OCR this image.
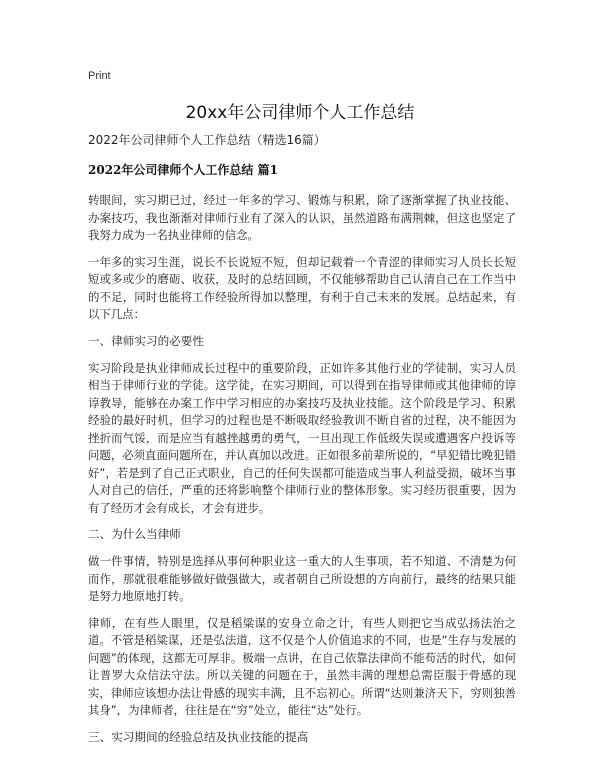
Print
20xx年公司律师个人工作总结
2022年公司律师个人工作总结（精选16篇）
2022年公司律师个人工作总结 篇1

转眼间，实习期已过，经过一年多的学习、锻炼与积累，除了逐渐掌握了执业技能、办案技巧，我也渐渐对律师行业有了深入的认识，虽然道路布满荆棘，但这也坚定了我努力成为一名执业律师的信念。

一年多的实习生涯，说长不长说短不短，但却记载着一个青涩的律师实习人员长长短短或多或少的磨砺、收获，及时的总结回顾，不仅能够帮助自己认清自己在工作当中的不足，同时也能将工作经验所得加以整理，有利于自己未来的发展。总结起来，有以下几点：

一、律师实习的必要性

实习阶段是执业律师成长过程中的重要阶段，正如许多其他行业的学徒制，实习人员相当于律师行业的学徒。这学徒，在实习期间，可以得到在指导律师或其他律师的谆谆教导，能够在办案工作中学习相应的办案技巧及执业技能。这个阶段是学习、积累经验的最好时机，但学习的过程也是不断吸取经验教训不断自省的过程，决不能因为挫折而气馁，而是应当有越挫越勇的勇气，一旦出现工作低级失误或遭遇客户投诉等问题，必须直面问题所在，并认真加以改进。正如很多前辈所说的，“早犯错比晚犯错好”，若是到了自己正式职业，自己的任何失误都可能造成当事人利益受损，破坏当事人对自己的信任，严重的还将影响整个律师行业的整体形象。实习经历很重要，因为有了经历才会有成长，才会有进步。

二、为什么当律师

做一件事情，特别是选择从事何种职业这一重大的人生事项，若不知道、不清楚为何而作，那就很难能够做好做强做大，或者朝自己所设想的方向前行，最终的结果只能是努力地原地打转。

律师，在有些人眼里，仅是稻粱谋的安身立命之计，有些人则把它当成弘扬法治之道。不管是稻粱谋，还是弘法道，这不仅是个人价值追求的不同，也是“生存与发展的问题”的体现，这都无可厚非。极端一点讲，在自己依靠法律尚不能苟活的时代，如何让普罗大众信法守法。所以关键的问题在于，虽然丰满的理想总需臣服于骨感的现实，律师应该想办法让骨感的现实丰满，且不忘初心。所谓“达则兼济天下，穷则独善其身”，为律师者，往往是在“穷”处立，能往“达”处行。

三、实习期间的经验总结及执业技能的提高
